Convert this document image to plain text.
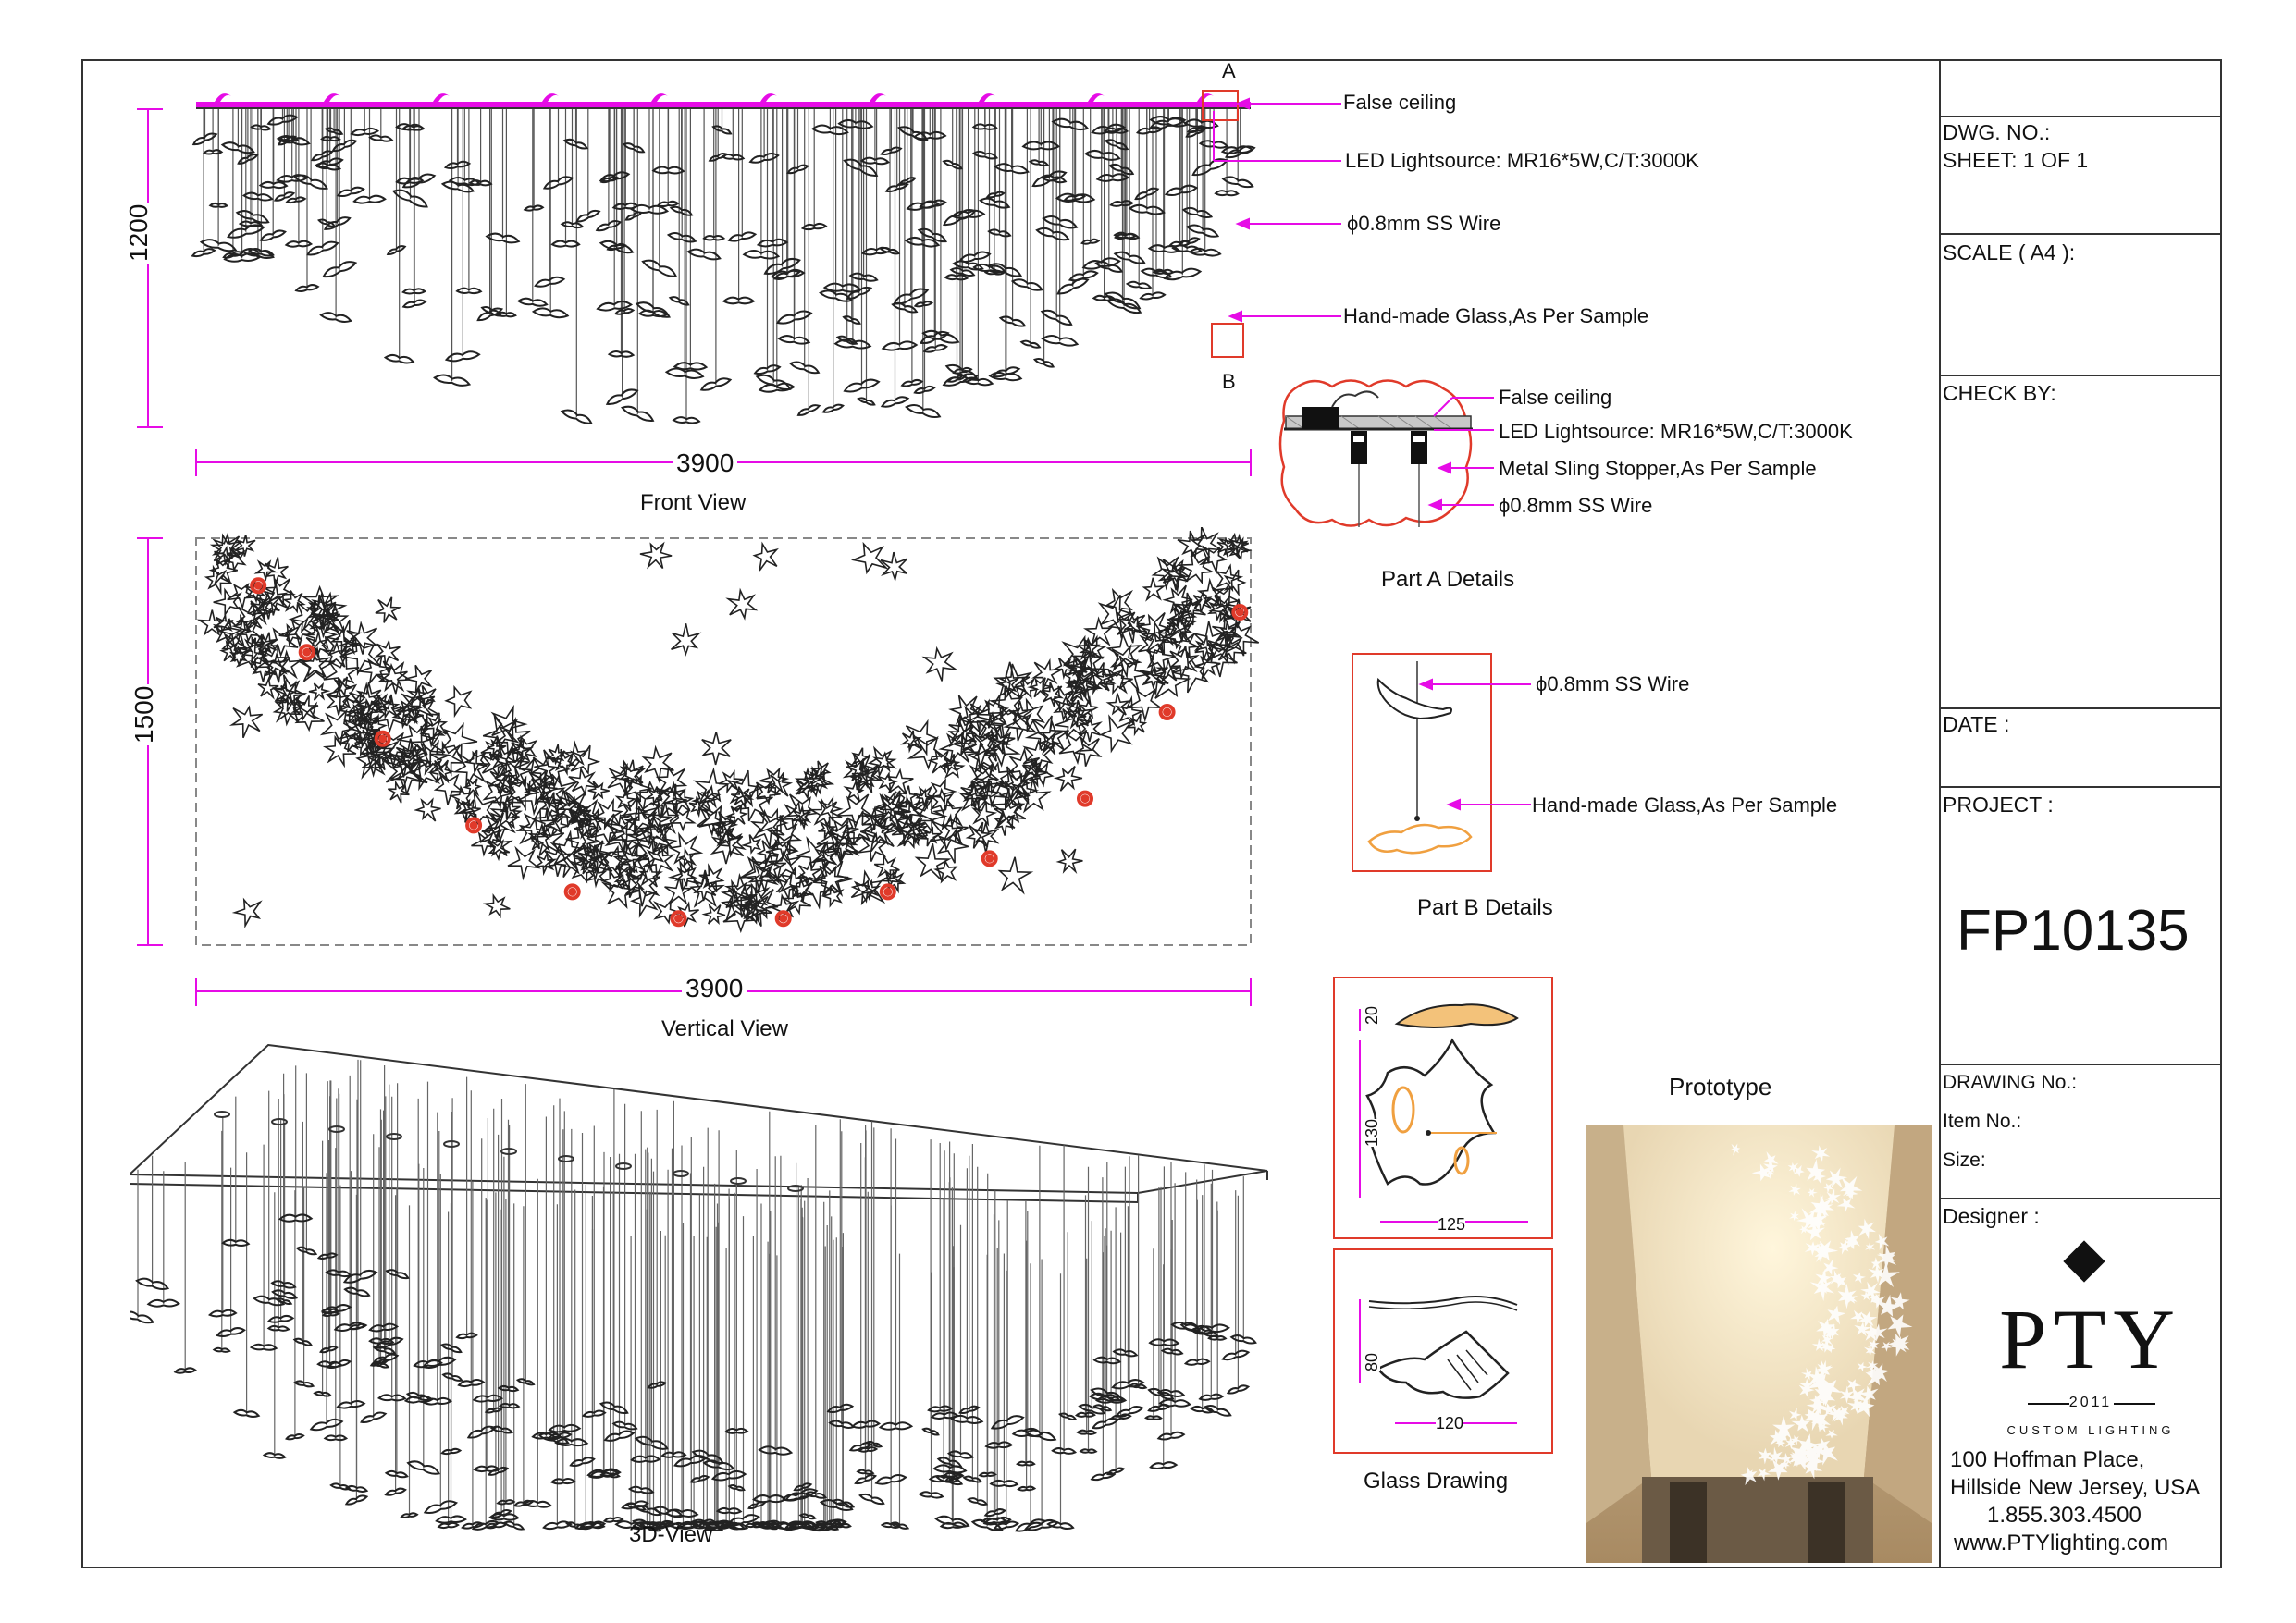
3900
1200
Front View
A
B
False ceiling
LED Lightsource: MR16*5W,C/T:3000K
ϕ0.8mm SS Wire
Hand-made Glass,As Per Sample
3900
1500
Vertical View
3D-View
False ceiling
LED Lightsource: MR16*5W,C/T:3000K
Metal Sling Stopper,As Per Sample
ϕ0.8mm SS Wire
Part A Details
ϕ0.8mm SS Wire
Hand-made Glass,As Per Sample
Part B Details
20
130
125
80
120
Glass Drawing
Prototype
DWG. NO.:
SHEET: 1 OF 1
SCALE ( A4 ):
CHECK BY:
DATE :
PROJECT :
FP10135
DRAWING No.:
Item No.:
Size:
Designer :
PTY
2011
CUSTOM LIGHTING
100 Hoffman Place,
Hillside New Jersey, USA
1.855.303.4500
www.PTYlighting.com
